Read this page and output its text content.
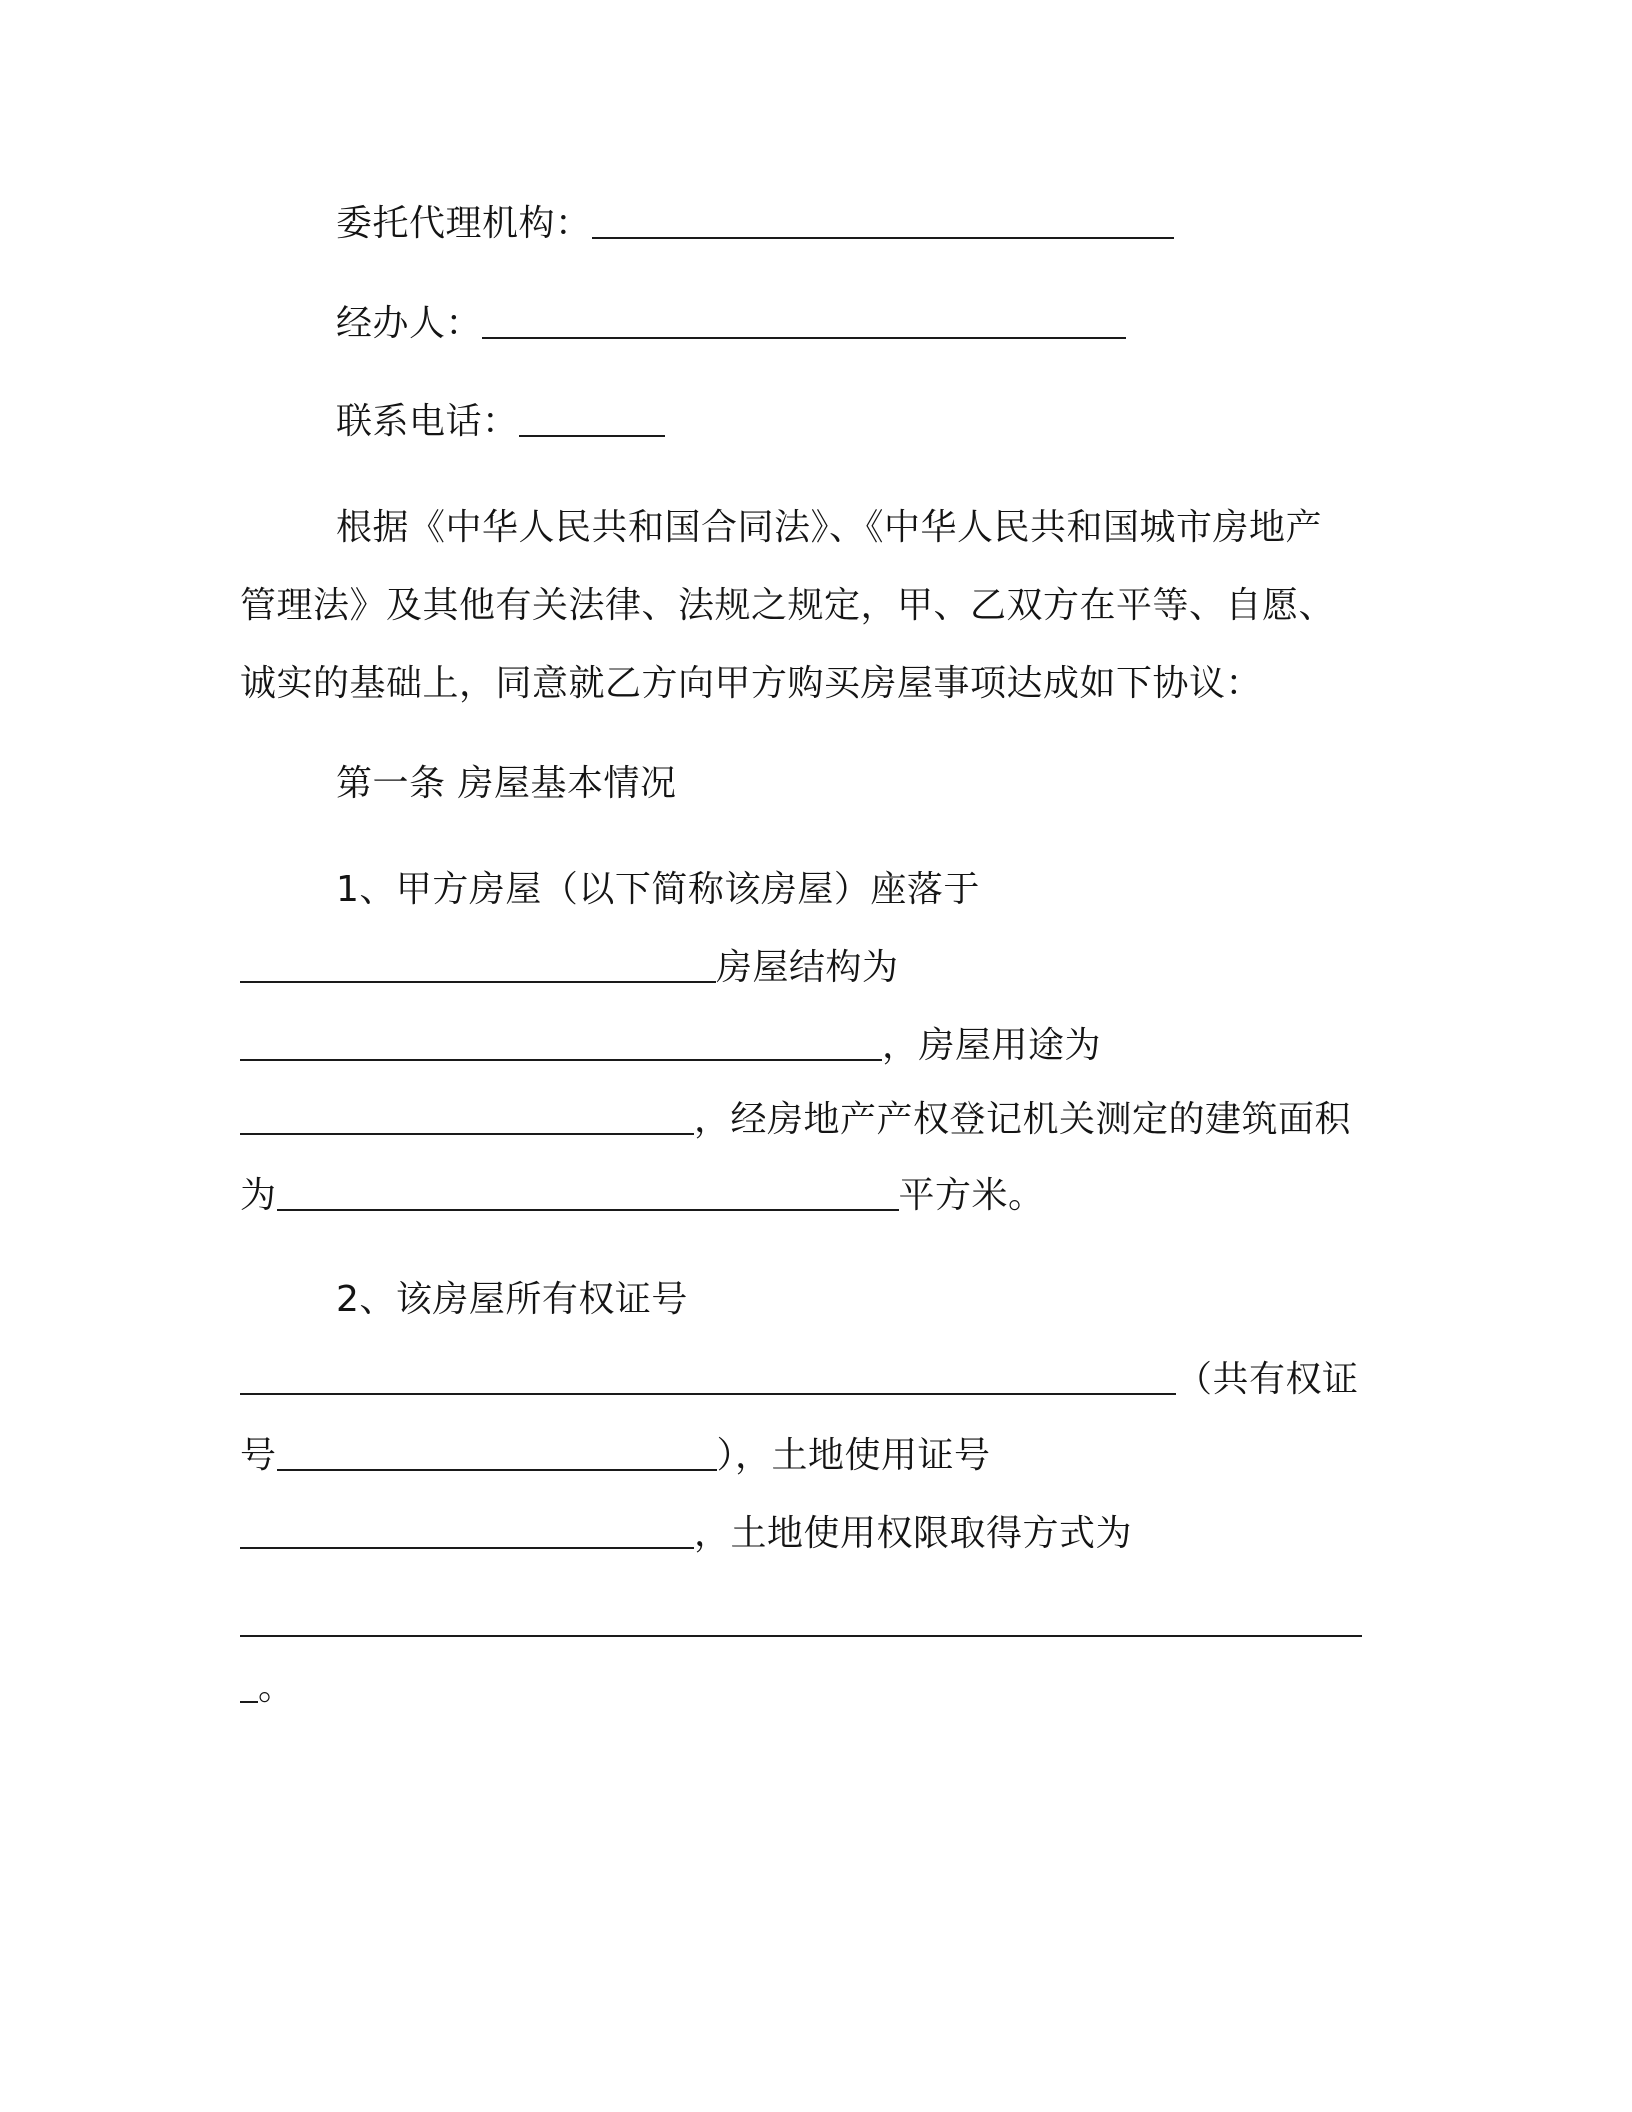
委托代理机构：
经办人：
联系电话：
根据《中华人民共和国合同法》、《中华人民共和国城市房地产
管理法》及其他有关法律、法规之规定，甲、乙双方在平等、自愿、
诚实的基础上，同意就乙方向甲方购买房屋事项达成如下协议：
第一条 房屋基本情况
1、甲方房屋（以下简称该房屋）座落于
房屋结构为
，房屋用途为
，经房地产产权登记机关测定的建筑面积
为	平方米。
2、该房屋所有权证号
（共有权证
号	），土地使用证号
，土地使用权限取得方式为
。
